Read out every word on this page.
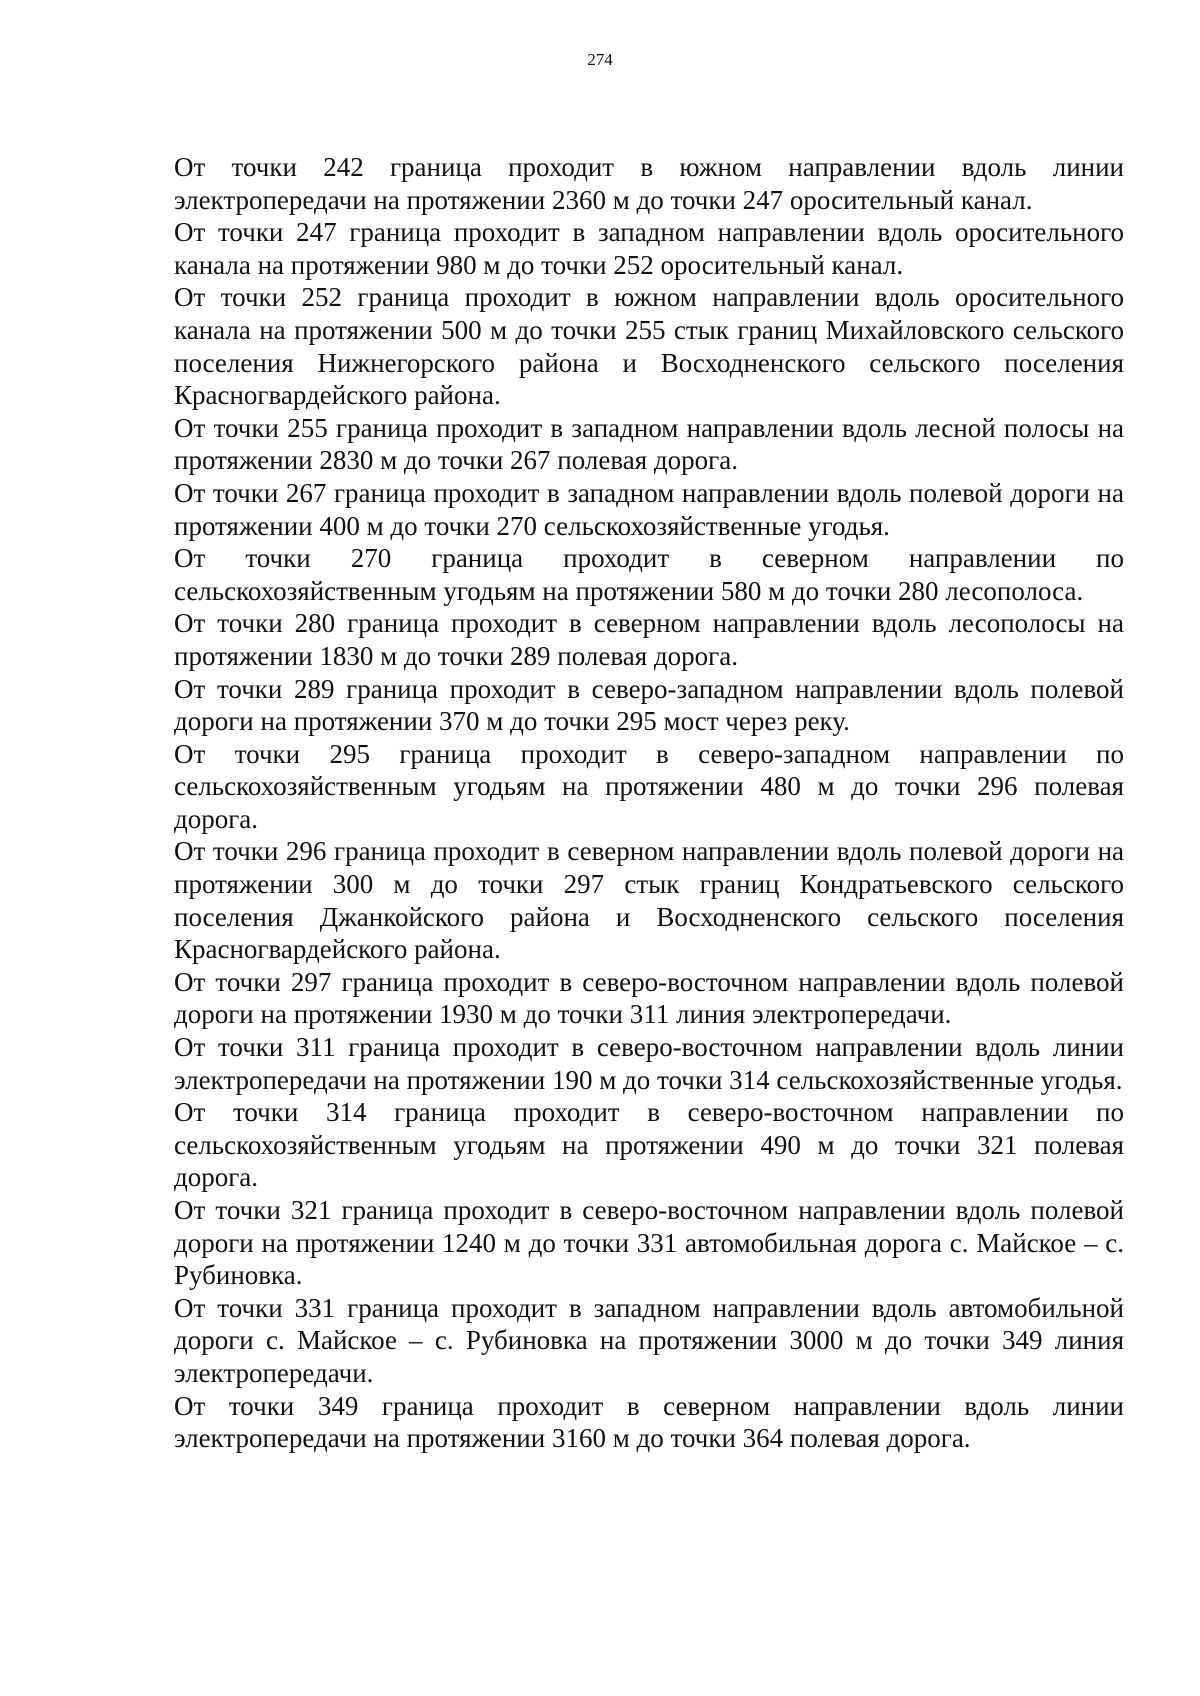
274

От точки 242 граница проходит в южном направлении вдоль линии электропередачи на протяжении 2360 м до точки 247 оросительный канал.

От точки 247 граница проходит в западном направлении вдоль оросительного канала на протяжении 980 м до точки 252 оросительный канал.

От точки 252 граница проходит в южном направлении вдоль оросительного канала на протяжении 500 м до точки 255 стык границ Михайловского сельского поселения Нижнегорского района и Восходненского сельского поселения Красногвардейского района.

От точки 255 граница проходит в западном направлении вдоль лесной полосы на протяжении 2830 м до точки 267 полевая дорога.

От точки 267 граница проходит в западном направлении вдоль полевой дороги на протяжении 400 м до точки 270 сельскохозяйственные угодья.

От точки 270 граница проходит в северном направлении по сельскохозяйственным угодьям на протяжении 580 м до точки 280 лесополоса.

От точки 280 граница проходит в северном направлении вдоль лесополосы на протяжении 1830 м до точки 289 полевая дорога.

От точки 289 граница проходит в северо-западном направлении вдоль полевой дороги на протяжении 370 м до точки 295 мост через реку.

От точки 295 граница проходит в северо-западном направлении по сельскохозяйственным угодьям на протяжении 480 м до точки 296 полевая дорога.

От точки 296 граница проходит в северном направлении вдоль полевой дороги на протяжении 300 м до точки 297 стык границ Кондратьевского сельского поселения Джанкойского района и Восходненского сельского поселения Красногвардейского района.

От точки 297 граница проходит в северо-восточном направлении вдоль полевой дороги на протяжении 1930 м до точки 311 линия электропередачи.

От точки 311 граница проходит в северо-восточном направлении вдоль линии электропередачи на протяжении 190 м до точки 314 сельскохозяйственные угодья.

От точки 314 граница проходит в северо-восточном направлении по сельскохозяйственным угодьям на протяжении 490 м до точки 321 полевая дорога.

От точки 321 граница проходит в северо-восточном направлении вдоль полевой дороги на протяжении 1240 м до точки 331 автомобильная дорога с. Майское – с. Рубиновка.

От точки 331 граница проходит в западном направлении вдоль автомобильной дороги с. Майское – с. Рубиновка на протяжении 3000 м до точки 349 линия электропередачи.

От точки 349 граница проходит в северном направлении вдоль линии электропередачи на протяжении 3160 м до точки 364 полевая дорога.
